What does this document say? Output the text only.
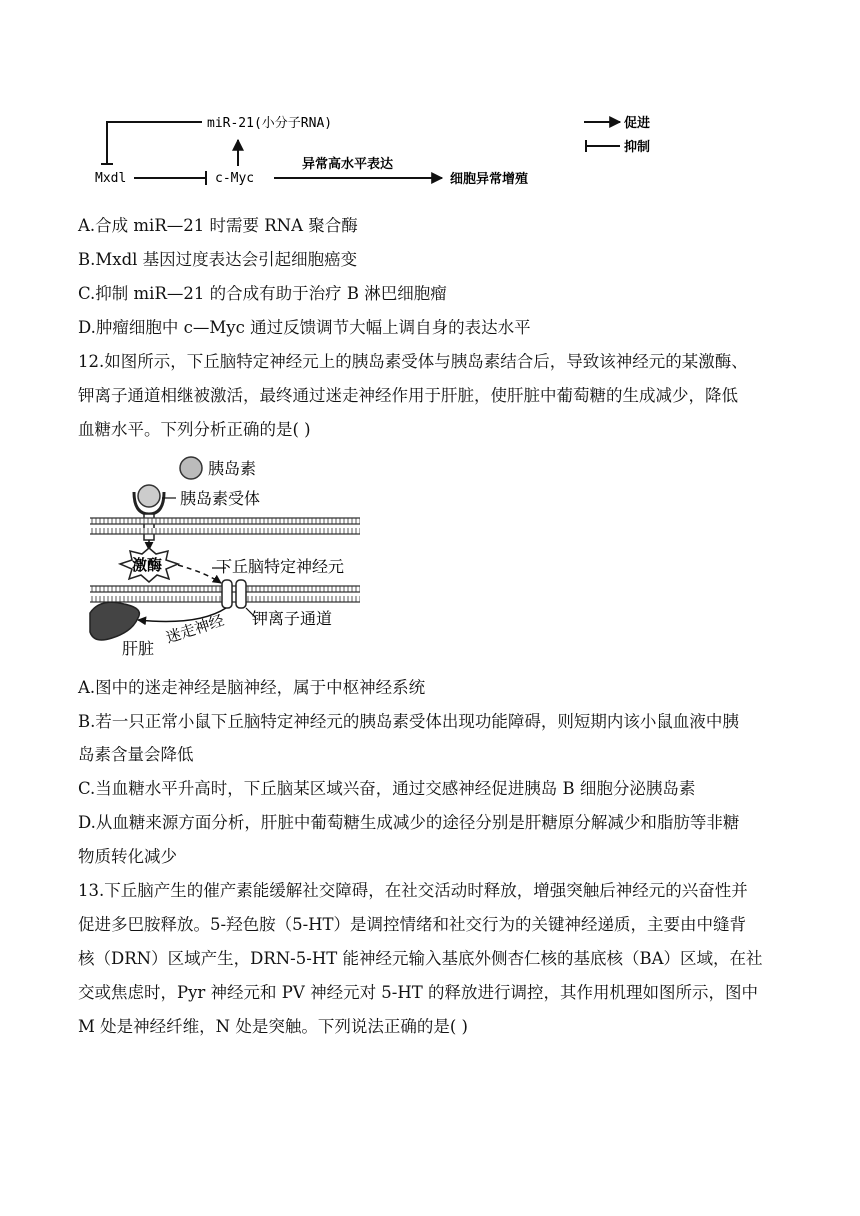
miR-21(小分子RNA)
Mxdl	c-Myc
异常高水平表达
细胞异常增殖
促进
抑制
A.合成 miR—21 时需要 RNA 聚合酶
B.Mxdl 基因过度表达会引起细胞癌变
C.抑制 miR—21 的合成有助于治疗 B 淋巴细胞瘤
D.肿瘤细胞中 c—Myc 通过反馈调节大幅上调自身的表达水平
12.如图所示，下丘脑特定神经元上的胰岛素受体与胰岛素结合后，导致该神经元的某激酶、
钾离子通道相继被激活，最终通过迷走神经作用于肝脏，使肝脏中葡萄糖的生成减少，降低
血糖水平。下列分析正确的是( )
胰岛素
胰岛素受体
激酶	下丘脑特定神经元
钾离子通道
迷走神经
肝脏
A.图中的迷走神经是脑神经，属于中枢神经系统
B.若一只正常小鼠下丘脑特定神经元的胰岛素受体出现功能障碍，则短期内该小鼠血液中胰
岛素含量会降低
C.当血糖水平升高时，下丘脑某区域兴奋，通过交感神经促进胰岛 B 细胞分泌胰岛素
D.从血糖来源方面分析，肝脏中葡萄糖生成减少的途径分别是肝糖原分解减少和脂肪等非糖
物质转化减少
13.下丘脑产生的催产素能缓解社交障碍，在社交活动时释放，增强突触后神经元的兴奋性并
促进多巴胺释放。5-羟色胺（5-HT）是调控情绪和社交行为的关键神经递质，主要由中缝背
核（DRN）区域产生，DRN-5-HT 能神经元输入基底外侧杏仁核的基底核（BA）区域，在社
交或焦虑时，Pyr 神经元和 PV 神经元对 5-HT 的释放进行调控，其作用机理如图所示，图中
M 处是神经纤维，N 处是突触。下列说法正确的是( )
